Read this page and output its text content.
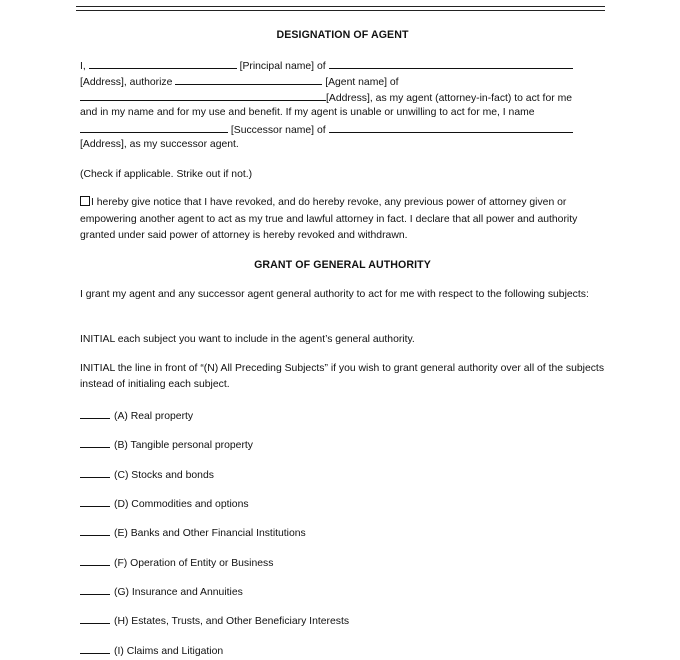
DESIGNATION OF AGENT
I,	[Principal name] of
[Address], authorize	[Agent name] of
[Address], as my agent (attorney-in-fact) to act for me
and in my name and for my use and benefit. If my agent is unable or unwilling to act for me, I name
[Successor name] of
[Address], as my successor agent.
(Check if applicable. Strike out if not.)
I hereby give notice that I have revoked, and do hereby revoke, any previous power of attorney given or empowering another agent to act as my true and lawful attorney in fact. I declare that all power and authority granted under said power of attorney is hereby revoked and withdrawn.
GRANT OF GENERAL AUTHORITY
I grant my agent and any successor agent general authority to act for me with respect to the following subjects:
INITIAL each subject you want to include in the agent’s general authority.
INITIAL the line in front of “(N) All Preceding Subjects” if you wish to grant general authority over all of the subjects instead of initialing each subject.
(A) Real property
(B) Tangible personal property
(C) Stocks and bonds
(D) Commodities and options
(E) Banks and Other Financial Institutions
(F) Operation of Entity or Business
(G) Insurance and Annuities
(H) Estates, Trusts, and Other Beneficiary Interests
(I) Claims and Litigation
